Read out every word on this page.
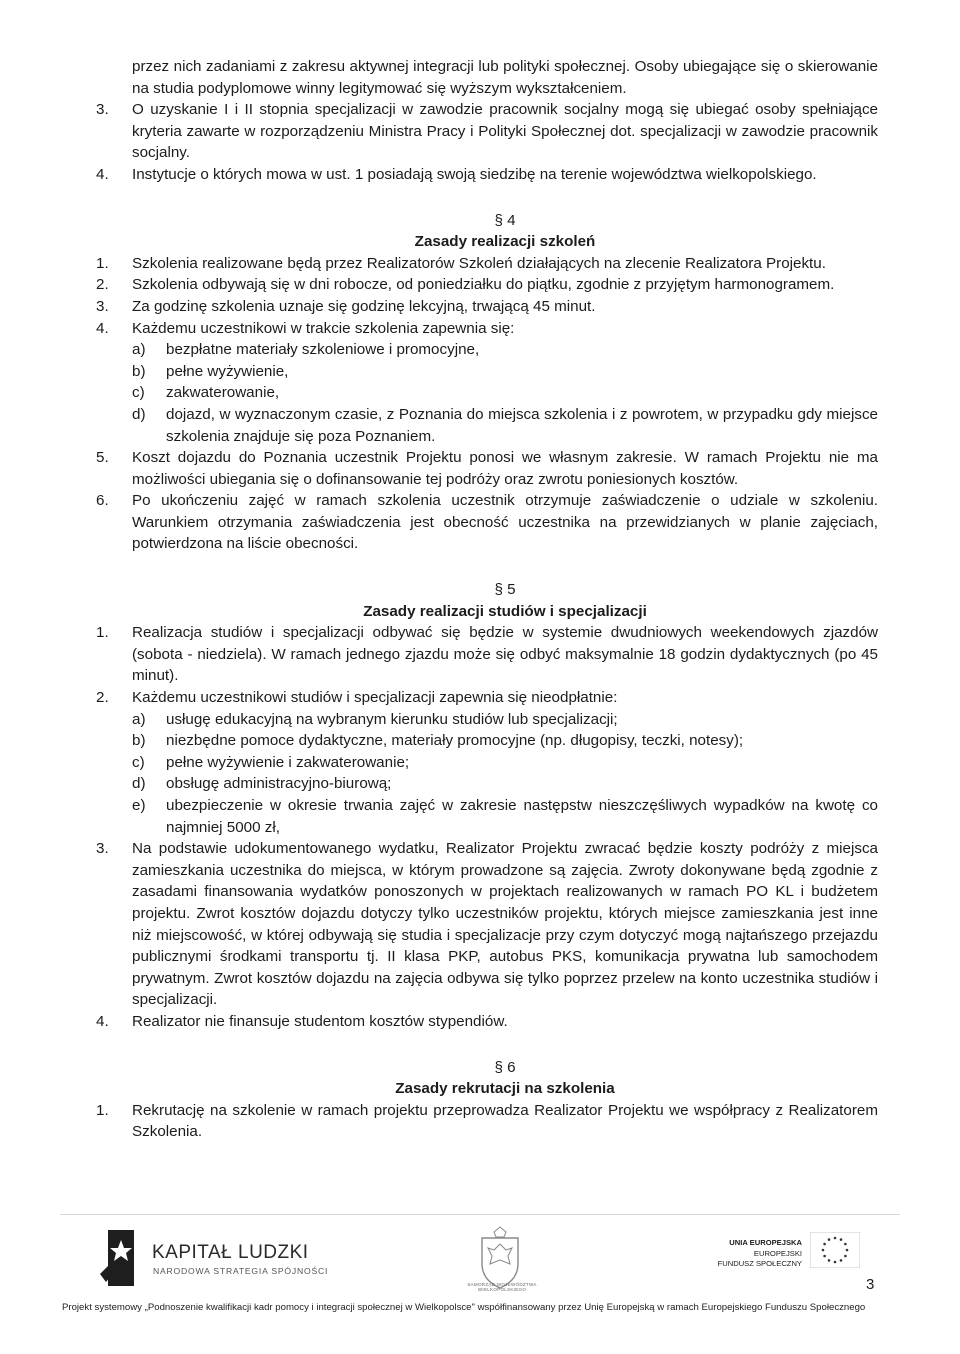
przez nich zadaniami z zakresu aktywnej integracji lub polityki społecznej. Osoby ubiegające się o skierowanie na studia podyplomowe winny legitymować się wyższym wykształceniem.
3. O uzyskanie I i II stopnia specjalizacji w zawodzie pracownik socjalny mogą się ubiegać osoby spełniające kryteria zawarte w rozporządzeniu Ministra Pracy i Polityki Społecznej dot. specjalizacji w zawodzie pracownik socjalny.
4. Instytucje o których mowa w ust. 1 posiadają swoją siedzibę na terenie województwa wielkopolskiego.
§ 4
Zasady realizacji szkoleń
1. Szkolenia realizowane będą przez Realizatorów Szkoleń działających na zlecenie Realizatora Projektu.
2. Szkolenia odbywają się w dni robocze, od poniedziałku do piątku, zgodnie z przyjętym harmonogramem.
3. Za godzinę szkolenia uznaje się godzinę lekcyjną, trwającą 45 minut.
4. Każdemu uczestnikowi w trakcie szkolenia zapewnia się:
a) bezpłatne materiały szkoleniowe i promocyjne,
b) pełne wyżywienie,
c) zakwaterowanie,
d) dojazd, w wyznaczonym czasie, z Poznania do miejsca szkolenia i z powrotem, w przypadku gdy miejsce szkolenia znajduje się poza Poznaniem.
5. Koszt dojazdu do Poznania uczestnik Projektu ponosi we własnym zakresie. W ramach Projektu nie ma możliwości ubiegania się o dofinansowanie tej podróży oraz zwrotu poniesionych kosztów.
6. Po ukończeniu zajęć w ramach szkolenia uczestnik otrzymuje zaświadczenie o udziale w szkoleniu. Warunkiem otrzymania zaświadczenia jest obecność uczestnika na przewidzianych w planie zajęciach, potwierdzona na liście obecności.
§ 5
Zasady realizacji studiów i specjalizacji
1. Realizacja studiów i specjalizacji odbywać się będzie w systemie dwudniowych weekendowych zjazdów (sobota - niedziela). W ramach jednego zjazdu może się odbyć maksymalnie 18 godzin dydaktycznych (po 45 minut).
2. Każdemu uczestnikowi studiów i specjalizacji zapewnia się nieodpłatnie:
a) usługę edukacyjną na wybranym kierunku studiów lub specjalizacji;
b) niezbędne pomoce dydaktyczne, materiały promocyjne (np. długopisy, teczki, notesy);
c) pełne wyżywienie i zakwaterowanie;
d) obsługę administracyjno-biurową;
e) ubezpieczenie w okresie trwania zajęć w zakresie następstw nieszczęśliwych wypadków na kwotę co najmniej 5000 zł,
3. Na podstawie udokumentowanego wydatku, Realizator Projektu zwracać będzie koszty podróży z miejsca zamieszkania uczestnika do miejsca, w którym prowadzone są zajęcia. Zwroty dokonywane będą zgodnie z zasadami finansowania wydatków ponoszonych w projektach realizowanych w ramach PO KL i budżetem projektu. Zwrot kosztów dojazdu dotyczy tylko uczestników projektu, których miejsce zamieszkania jest inne niż miejscowość, w której odbywają się studia i specjalizacje przy czym dotyczyć mogą najtańszego przejazdu publicznymi środkami transportu tj. II klasa PKP, autobus PKS, komunikacja prywatna lub samochodem prywatnym. Zwrot kosztów dojazdu na zajęcia odbywa się tylko poprzez przelew na konto uczestnika studiów i specjalizacji.
4. Realizator nie finansuje studentom kosztów stypendiów.
§ 6
Zasady rekrutacji na szkolenia
1. Rekrutację na szkolenie w ramach projektu przeprowadza Realizator Projektu we współpracy z Realizatorem Szkolenia.
KAPITAŁ LUDZKI
NARODOWA STRATEGIA SPÓJNOŚCI
SAMORZĄD WOJEWÓDZTWA WIELKOPOLSKIEGO
UNIA EUROPEJSKA
EUROPEJSKI
FUNDUSZ SPOŁECZNY
3
Projekt systemowy „Podnoszenie kwalifikacji kadr pomocy i integracji społecznej w Wielkopolsce" współfinansowany przez Unię Europejską w ramach Europejskiego Funduszu Społecznego
